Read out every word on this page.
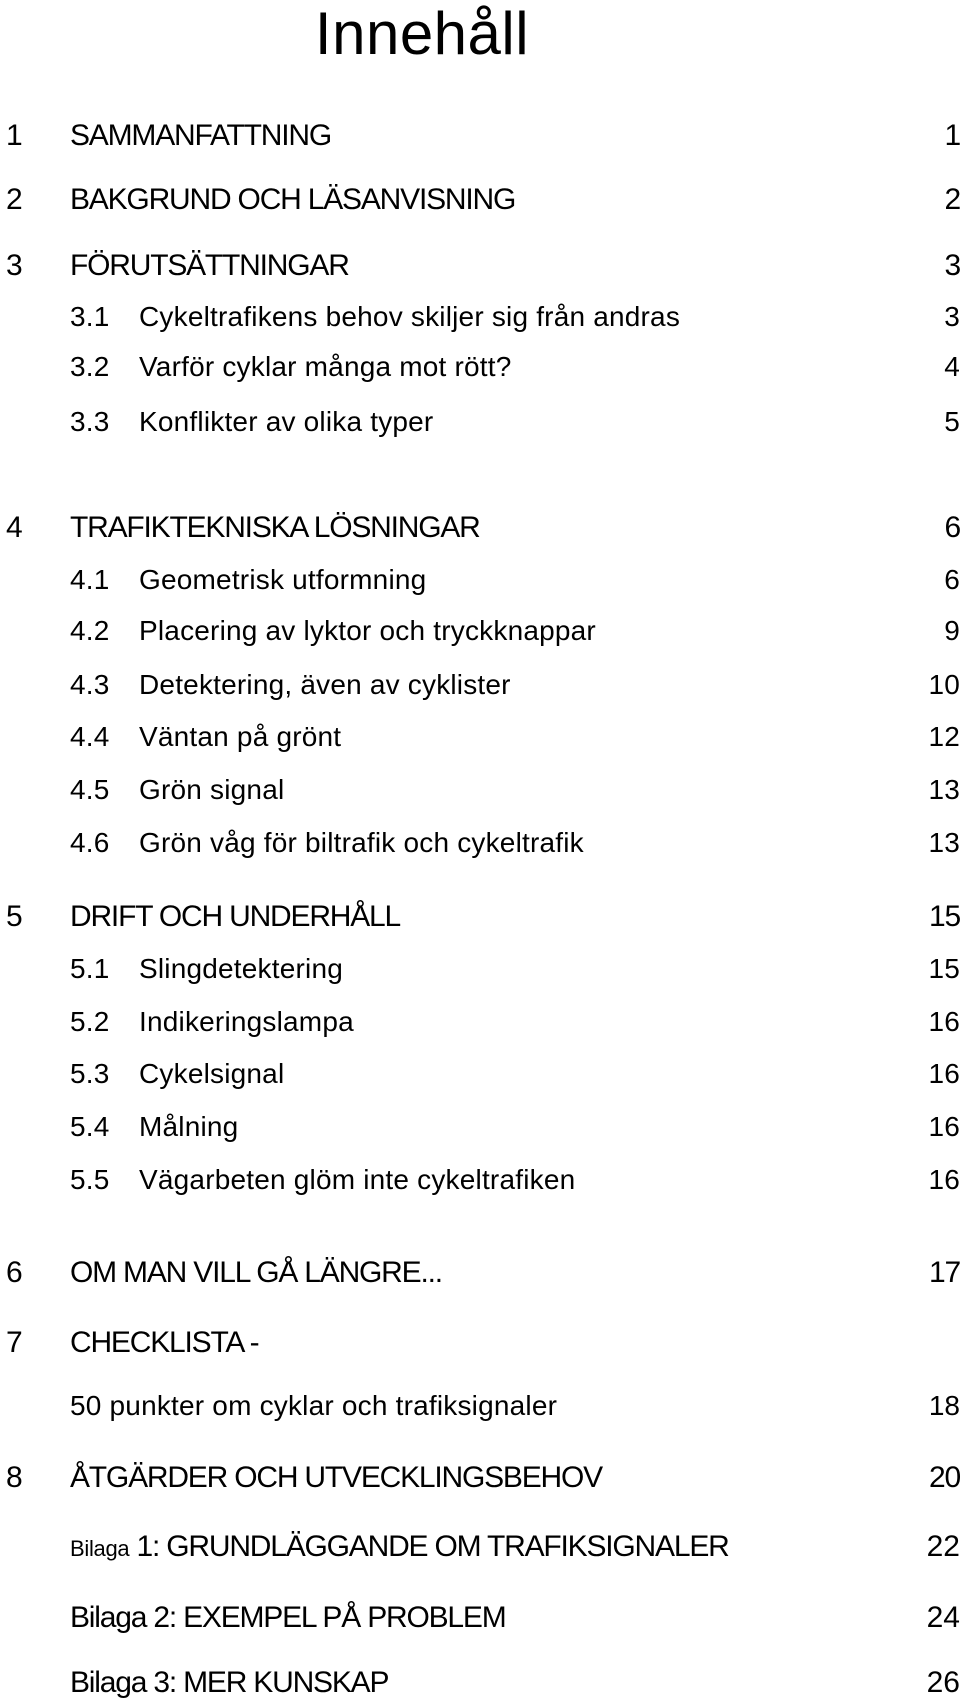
Innehåll
1 SAMMANFATTNING	1
2 BAKGRUND OCH LÄSANVISNING	2
3 FÖRUTSÄTTNINGAR	3
3.1 Cykeltrafikens behov skiljer sig från andras	3
3.2 Varför cyklar många mot rött?	4
3.3 Konflikter av olika typer	5
4 TRAFIKTEKNISKA LÖSNINGAR	6
4.1 Geometrisk utformning	6
4.2 Placering av lyktor och tryckknappar	9
4.3 Detektering, även av cyklister	10
4.4 Väntan på grönt	12
4.5 Grön signal	13
4.6 Grön våg för biltrafik och cykeltrafik	13
5 DRIFT OCH UNDERHÅLL	15
5.1 Slingdetektering	15
5.2 Indikeringslampa	16
5.3 Cykelsignal	16
5.4 Målning	16
5.5 Vägarbeten glöm inte cykeltrafiken	16
6 OM MAN VILL GÅ LÄNGRE...	17
7 CHECKLISTA -
50 punkter om cyklar och trafiksignaler	18
8 ÅTGÄRDER OCH UTVECKLINGSBEHOV	20
Bilaga 1: GRUNDLÄGGANDE OM TRAFIKSIGNALER	22
Bilaga 2: EXEMPEL PÅ PROBLEM	24
Bilaga 3: MER KUNSKAP	26
